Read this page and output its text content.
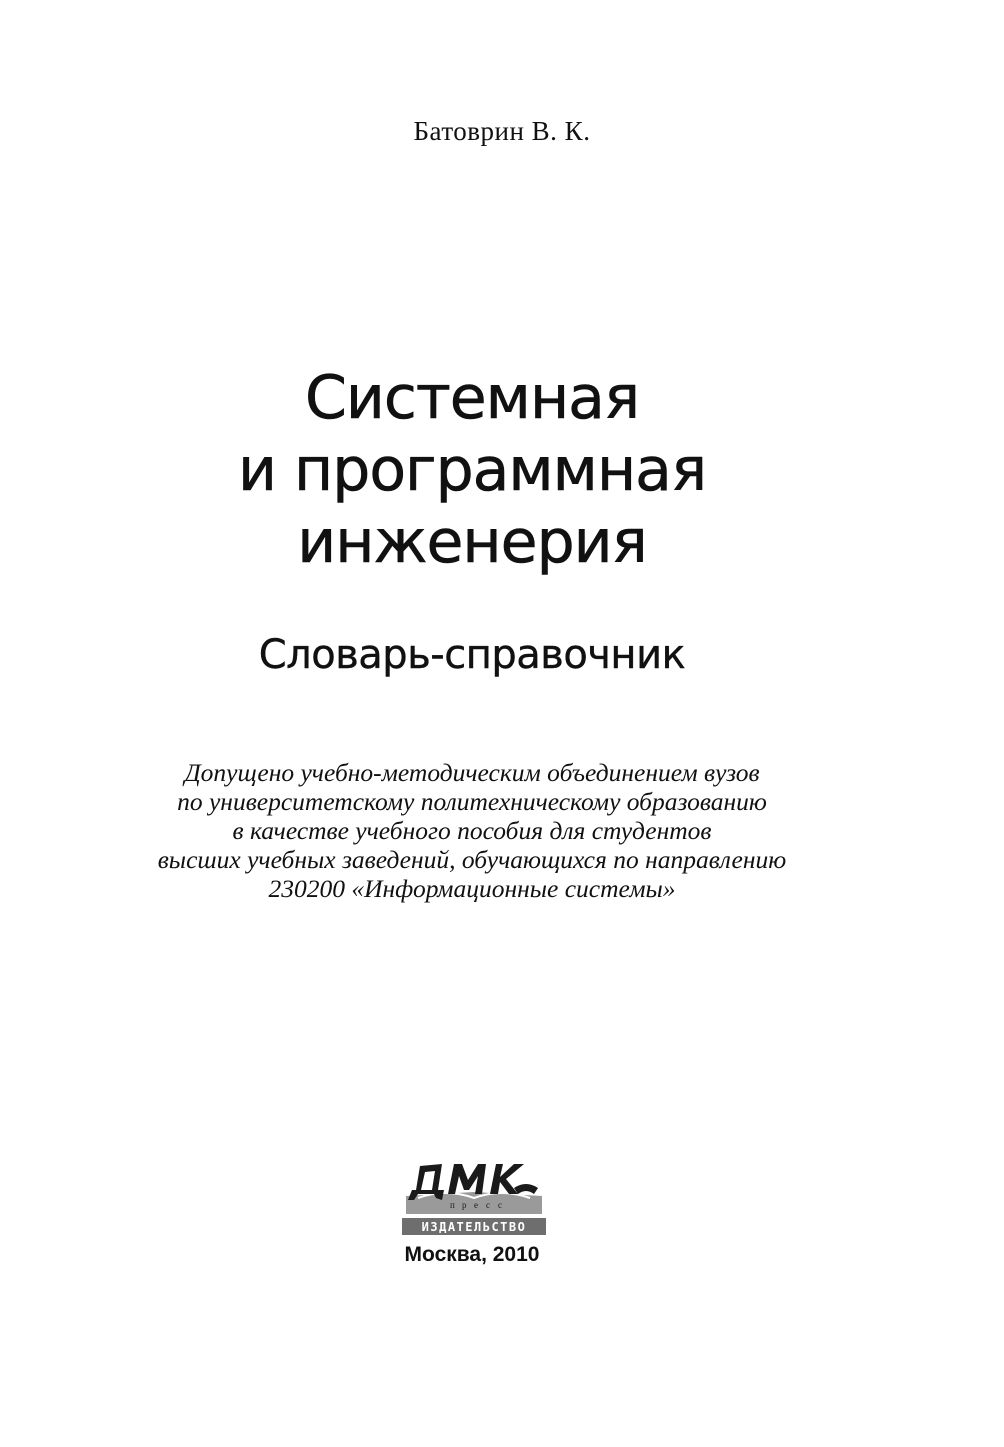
Батоврин В. К.
Системная
и программная
инженерия
Словарь-справочник
Допущено учебно-методическим объединением вузов
по университетскому политехническому образованию
в качестве учебного пособия для студентов
высших учебных заведений, обучающихся по направлению
230200 «Информационные системы»
п р е с с
ИЗДАТЕЛЬСТВО
Москва, 2010
